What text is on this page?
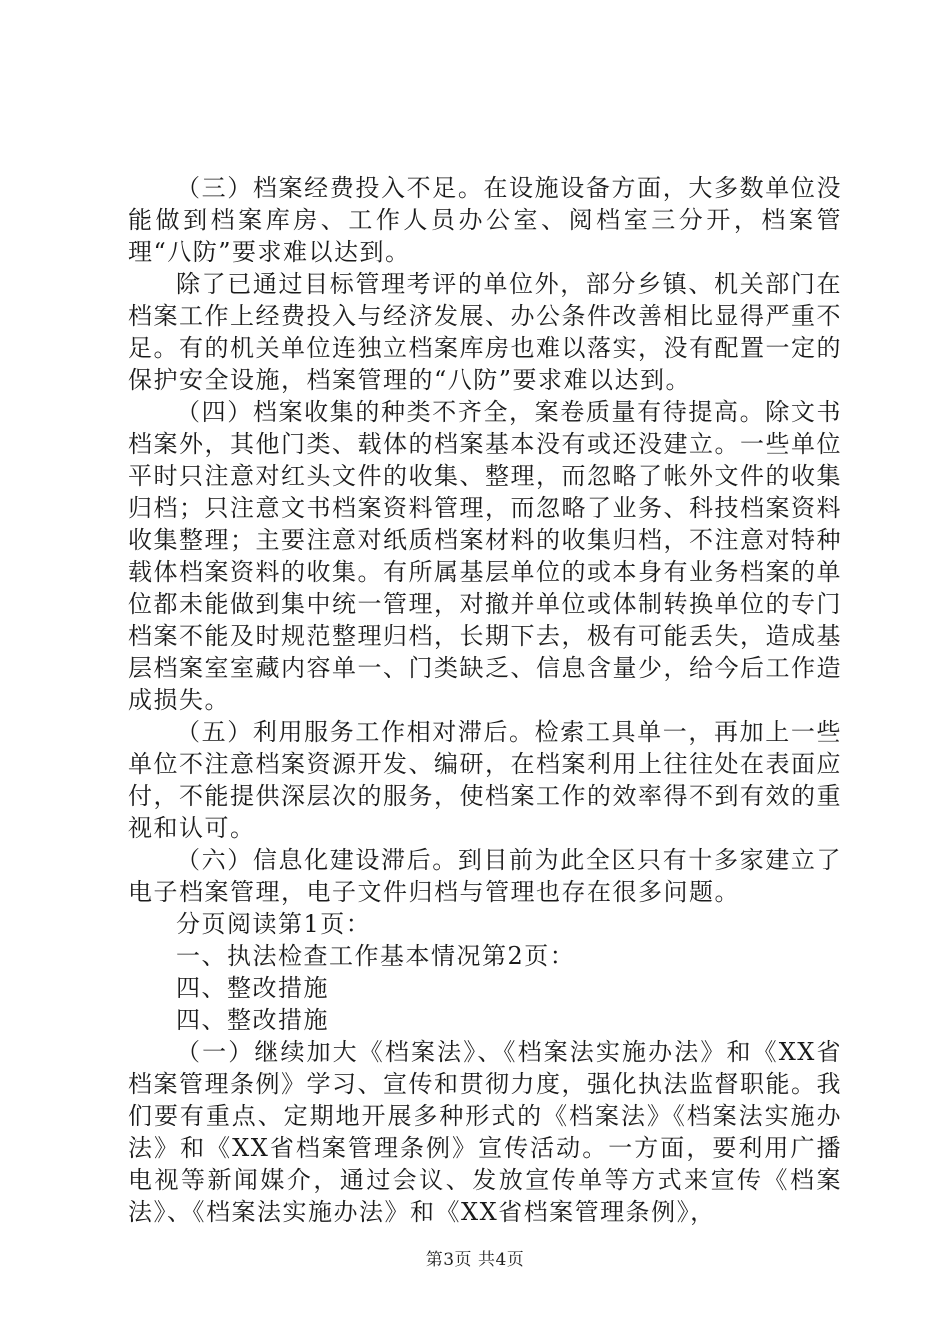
（三）档案经费投入不足。在设施设备方面，大多数单位没能做到档案库房、工作人员办公室、阅档室三分开，档案管理“八防”要求难以达到。

除了已通过目标管理考评的单位外，部分乡镇、机关部门在档案工作上经费投入与经济发展、办公条件改善相比显得严重不足。有的机关单位连独立档案库房也难以落实，没有配置一定的保护安全设施，档案管理的“八防”要求难以达到。

（四）档案收集的种类不齐全，案卷质量有待提高。除文书档案外，其他门类、载体的档案基本没有或还没建立。一些单位平时只注意对红头文件的收集、整理，而忽略了帐外文件的收集归档；只注意文书档案资料管理，而忽略了业务、科技档案资料收集整理；主要注意对纸质档案材料的收集归档，不注意对特种载体档案资料的收集。有所属基层单位的或本身有业务档案的单位都未能做到集中统一管理，对撤并单位或体制转换单位的专门档案不能及时规范整理归档，长期下去，极有可能丢失，造成基层档案室室藏内容单一、门类缺乏、信息含量少，给今后工作造成损失。

（五）利用服务工作相对滞后。检索工具单一，再加上一些单位不注意档案资源开发、编研，在档案利用上往往处在表面应付，不能提供深层次的服务，使档案工作的效率得不到有效的重视和认可。

（六）信息化建设滞后。到目前为此全区只有十多家建立了电子档案管理，电子文件归档与管理也存在很多问题。

分页阅读第1页：

一、执法检查工作基本情况第2页：

四、整改措施

四、整改措施

（一）继续加大《档案法》、《档案法实施办法》和《XX省档案管理条例》学习、宣传和贯彻力度，强化执法监督职能。我们要有重点、定期地开展多种形式的《档案法》《档案法实施办法》和《XX省档案管理条例》宣传活动。一方面，要利用广播电视等新闻媒介，通过会议、发放宣传单等方式来宣传《档案法》、《档案法实施办法》和《XX省档案管理条例》，

第3页 共4页
